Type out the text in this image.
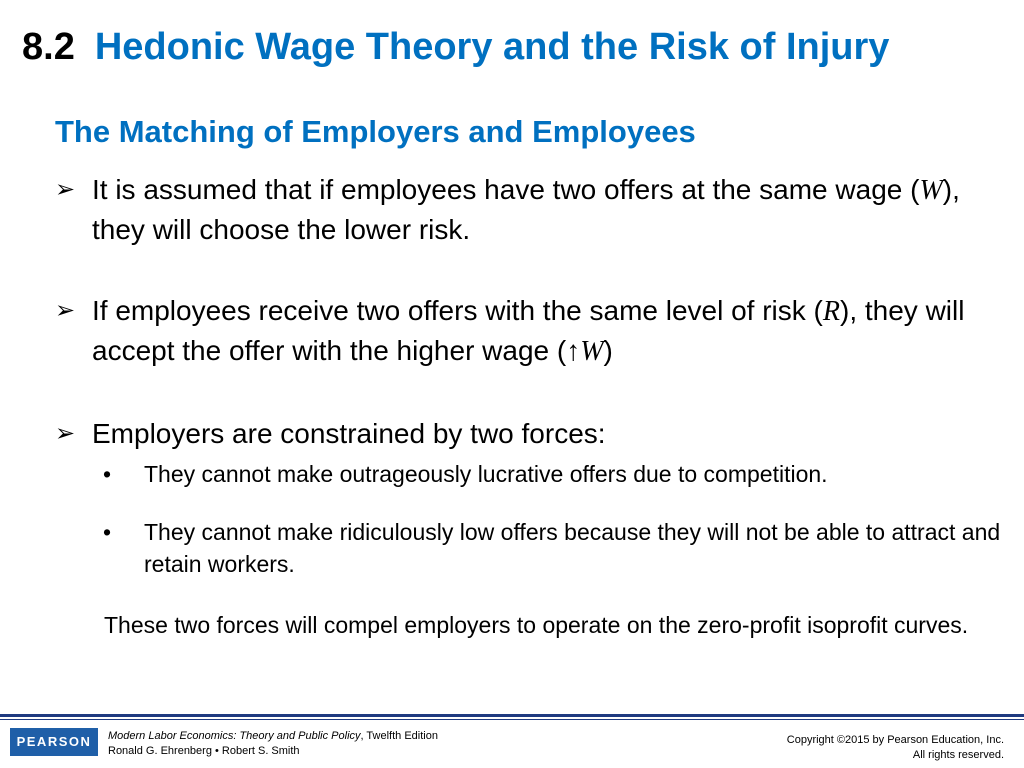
8.2 Hedonic Wage Theory and the Risk of Injury
The Matching of Employers and Employees
➢ It is assumed that if employees have two offers at the same wage (W), they will choose the lower risk.
➢ If employees receive two offers with the same level of risk (R), they will accept the offer with the higher wage (↑W)
➢ Employers are constrained by two forces:
•	They cannot make outrageously lucrative offers due to competition.
•	They cannot make ridiculously low offers because they will not be able to attract and retain workers.
These two forces will compel employers to operate on the zero-profit isoprofit curves.
PEARSON	Modern Labor Economics: Theory and Public Policy, Twelfth Edition
Ronald G. Ehrenberg • Robert S. Smith
Copyright ©2015 by Pearson Education, Inc.
All rights reserved.
